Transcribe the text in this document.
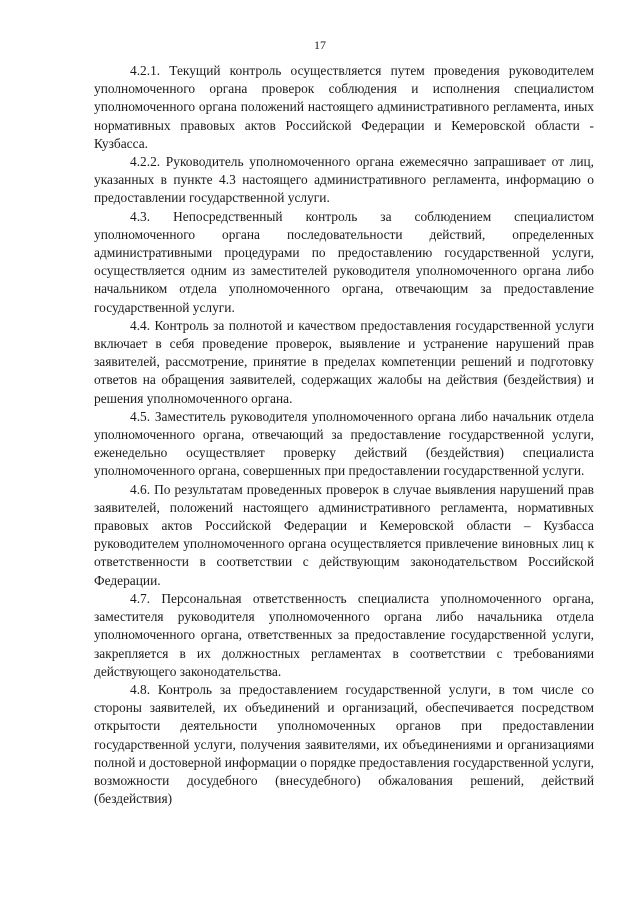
17

4.2.1. Текущий контроль осуществляется путем проведения руководителем уполномоченного органа проверок соблюдения и исполнения специалистом уполномоченного органа положений настоящего административного регламента, иных нормативных правовых актов Российской Федерации и Кемеровской области - Кузбасса.

4.2.2. Руководитель уполномоченного органа ежемесячно запрашивает от лиц, указанных в пункте 4.3 настоящего административного регламента, информацию о предоставлении государственной услуги.

4.3. Непосредственный контроль за соблюдением специалистом уполномоченного органа последовательности действий, определенных административными процедурами по предоставлению государственной услуги, осуществляется одним из заместителей руководителя уполномоченного органа либо начальником отдела уполномоченного органа, отвечающим за предоставление государственной услуги.

4.4. Контроль за полнотой и качеством предоставления государственной услуги включает в себя проведение проверок, выявление и устранение нарушений прав заявителей, рассмотрение, принятие в пределах компетенции решений и подготовку ответов на обращения заявителей, содержащих жалобы на действия (бездействия) и решения уполномоченного органа.

4.5. Заместитель руководителя уполномоченного органа либо начальник отдела уполномоченного органа, отвечающий за предоставление государственной услуги, еженедельно осуществляет проверку действий (бездействия) специалиста уполномоченного органа, совершенных при предоставлении государственной услуги.

4.6. По результатам проведенных проверок в случае выявления нарушений прав заявителей, положений настоящего административного регламента, нормативных правовых актов Российской Федерации и Кемеровской области – Кузбасса руководителем уполномоченного органа осуществляется привлечение виновных лиц к ответственности в соответствии с действующим законодательством Российской Федерации.

4.7. Персональная ответственность специалиста уполномоченного органа, заместителя руководителя уполномоченного органа либо начальника отдела уполномоченного органа, ответственных за предоставление государственной услуги, закрепляется в их должностных регламентах в соответствии с требованиями действующего законодательства.

4.8. Контроль за предоставлением государственной услуги, в том числе со стороны заявителей, их объединений и организаций, обеспечивается посредством открытости деятельности уполномоченных органов при предоставлении государственной услуги, получения заявителями, их объединениями и организациями полной и достоверной информации о порядке предоставления государственной услуги, возможности досудебного (внесудебного) обжалования решений, действий (бездействия)
